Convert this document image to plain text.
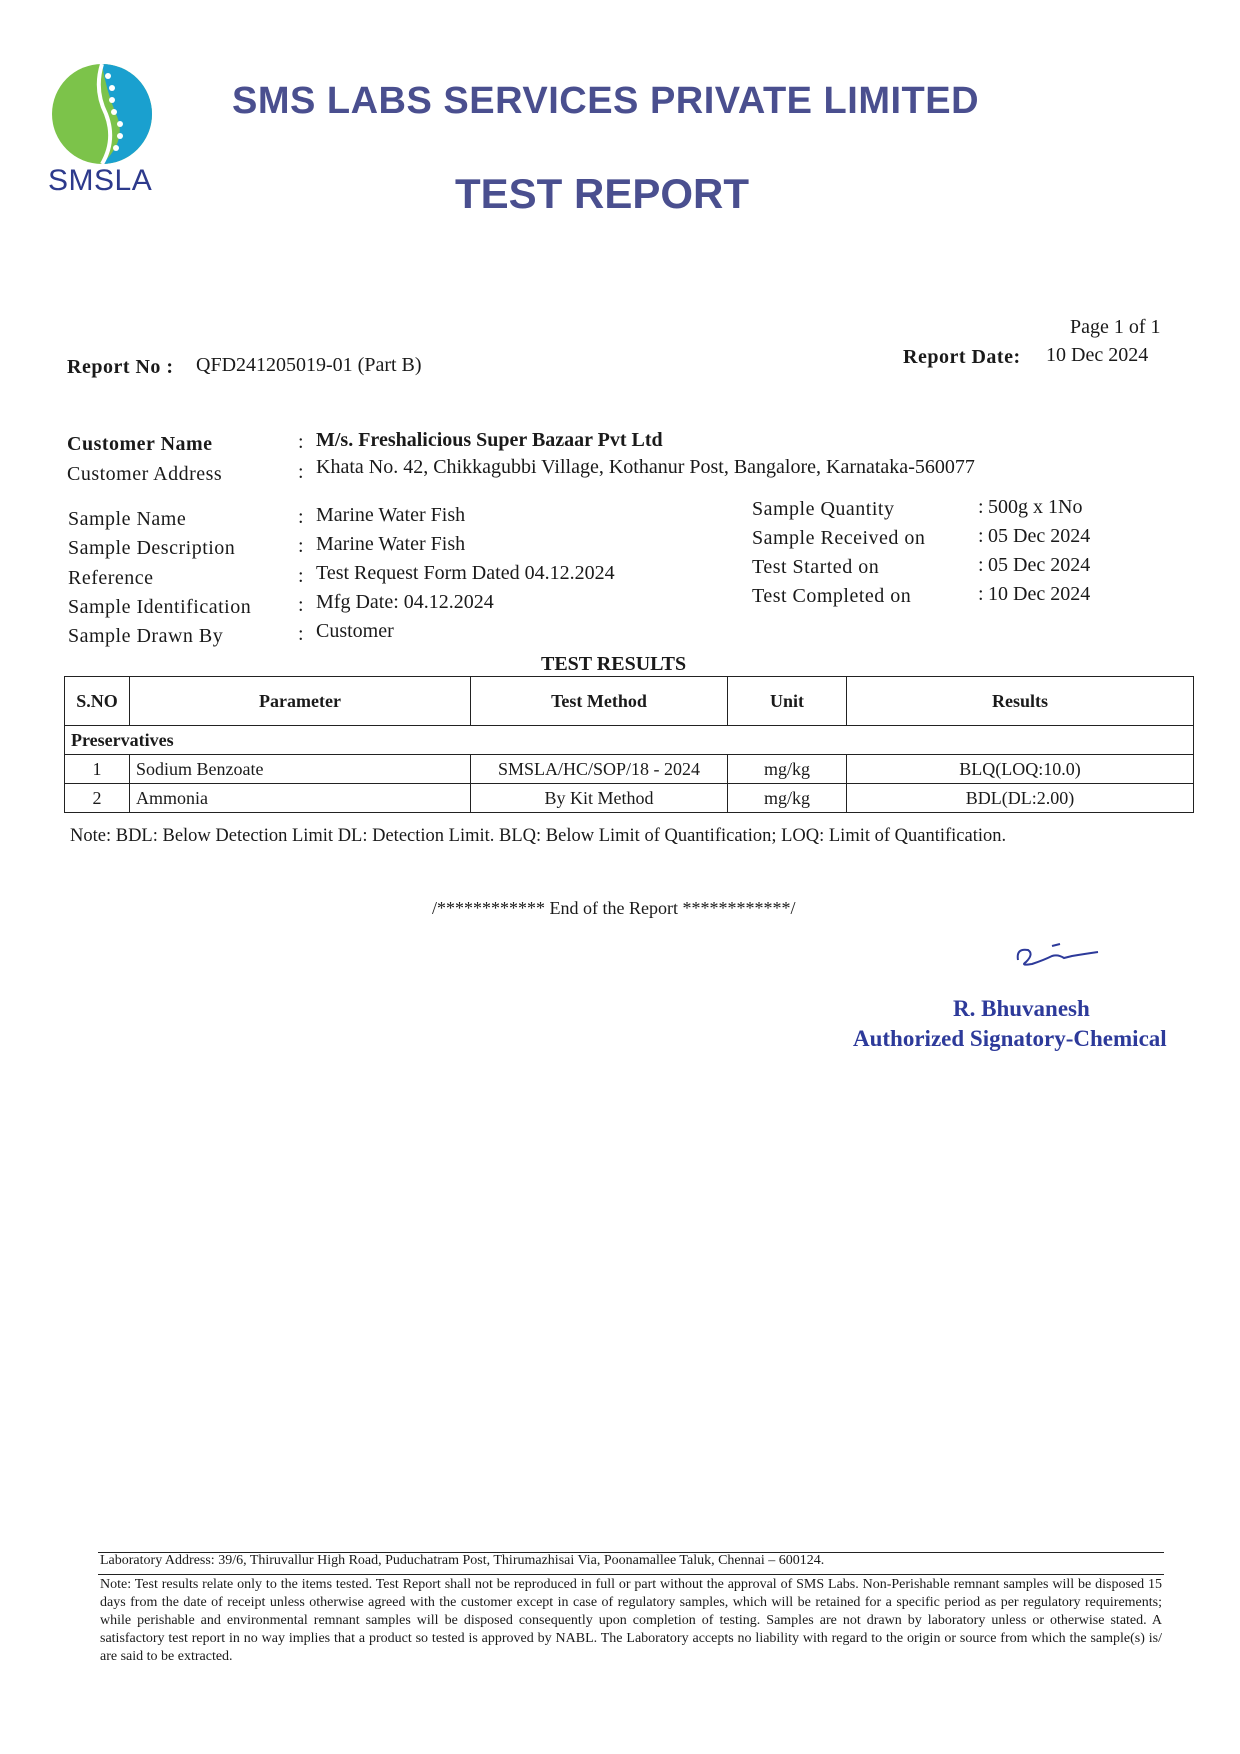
SMSLA
SMS LABS SERVICES PRIVATE LIMITED
TEST REPORT
Page 1 of 1
Report No : QFD241205019-01 (Part B)	Report Date: 10 Dec 2024
Customer Name	: M/s. Freshalicious Super Bazaar Pvt Ltd
Customer Address	: Khata No. 42, Chikkagubbi Village, Kothanur Post, Bangalore, Karnataka-560077
Sample Name	: Marine Water Fish
Sample Description	: Marine Water Fish
Reference	: Test Request Form Dated 04.12.2024
Sample Identification : Mfg Date: 04.12.2024
Sample Drawn By	: Customer
Sample Quantity	: 500g x 1No
Sample Received on	: 05 Dec 2024
Test Started on	: 05 Dec 2024
Test Completed on	: 10 Dec 2024
TEST RESULTS
S.NO	Parameter	Test Method	Unit	Results
Preservatives				
1	Sodium Benzoate	SMSLA/HC/SOP/18 - 2024	mg/kg	BLQ(LOQ:10.0)
2	Ammonia	By Kit Method	mg/kg	BDL(DL:2.00)
Note: BDL: Below Detection Limit DL: Detection Limit. BLQ: Below Limit of Quantification; LOQ: Limit of Quantification.
/************ End of the Report ************/
R. Bhuvanesh
Authorized Signatory-Chemical
Laboratory Address: 39/6, Thiruvallur High Road, Puduchatram Post, Thirumazhisai Via, Poonamallee Taluk, Chennai – 600124.
Note: Test results relate only to the items tested. Test Report shall not be reproduced in full or part without the approval of SMS Labs. Non-Perishable remnant samples will be disposed 15 days from the date of receipt unless otherwise agreed with the customer except in case of regulatory samples, which will be retained for a specific period as per regulatory requirements; while perishable and environmental remnant samples will be disposed consequently upon completion of testing. Samples are not drawn by laboratory unless or otherwise stated. A satisfactory test report in no way implies that a product so tested is approved by NABL. The Laboratory accepts no liability with regard to the origin or source from which the sample(s) is/ are said to be extracted.
